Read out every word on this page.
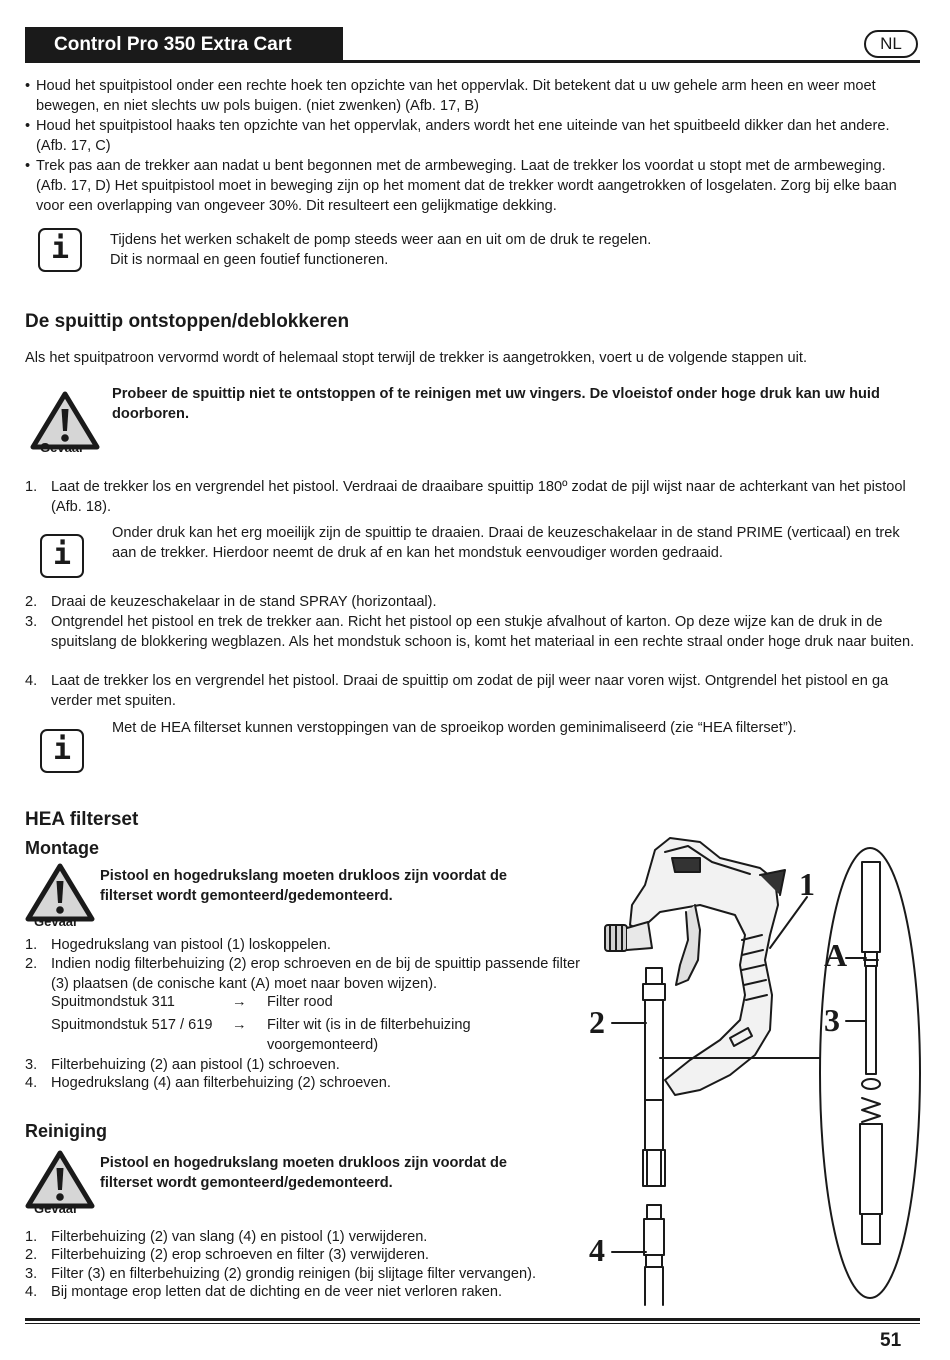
Control Pro 350 Extra Cart	NL
• Houd het spuitpistool onder een rechte hoek ten opzichte van het oppervlak. Dit betekent dat u uw gehele arm heen en weer moet bewegen, en niet slechts uw pols buigen. (niet zwenken) (Afb. 17, B)
• Houd het spuitpistool haaks ten opzichte van het oppervlak, anders wordt het ene uiteinde van het spuitbeeld dikker dan het andere. (Afb. 17, C)
• Trek pas aan de trekker aan nadat u bent begonnen met de armbeweging. Laat de trekker los voordat u stopt met de armbeweging. (Afb. 17, D) Het spuitpistool moet in beweging zijn op het moment dat de trekker wordt aangetrokken of losgelaten. Zorg bij elke baan voor een overlapping van ongeveer 30%. Dit resulteert een gelijkmatige dekking.
i	Tijdens het werken schakelt de pomp steeds weer aan en uit om de druk te regelen.
Dit is normaal en geen foutief functioneren.
De spuittip ontstoppen/deblokkeren
Als het spuitpatroon vervormd wordt of helemaal stopt terwijl de trekker is aangetrokken, voert u de volgende stappen uit.
Gevaar
Probeer de spuittip niet te ontstoppen of te reinigen met uw vingers. De vloeistof onder hoge druk kan uw huid doorboren.
1. Laat de trekker los en vergrendel het pistool. Verdraai de draaibare spuittip 180º zodat de pijl wijst naar de achterkant van het pistool (Afb. 18).
i
Onder druk kan het erg moeilijk zijn de spuittip te draaien. Draai de keuzeschakelaar in de stand PRIME (verticaal) en trek aan de trekker. Hierdoor neemt de druk af en kan het mondstuk eenvoudiger worden gedraaid.
2. Draai de keuzeschakelaar in de stand SPRAY (horizontaal).
3. Ontgrendel het pistool en trek de trekker aan. Richt het pistool op een stukje afvalhout of karton. Op deze wijze kan de druk in de spuitslang de blokkering wegblazen. Als het mondstuk schoon is, komt het materiaal in een rechte straal onder hoge druk naar buiten.
4. Laat de trekker los en vergrendel het pistool. Draai de spuittip om zodat de pijl weer naar voren wijst. Ontgrendel het pistool en ga verder met spuiten.
i
Met de HEA filterset kunnen verstoppingen van de sproeikop worden geminimaliseerd (zie “HEA filterset”).
HEA filterset
Montage
Gevaar
Pistool en hogedrukslang moeten drukloos zijn voordat de filterset wordt gemonteerd/gedemonteerd.
1. Hogedrukslang van pistool (1) loskoppelen.
2. Indien nodig filterbehuizing (2) erop schroeven en de bij de spuittip passende filter (3) plaatsen (de conische kant (A) moet naar boven wijzen).
Spuitmondstuk 311	→ Filter rood
Spuitmondstuk 517 / 619 → Filter wit (is in de filterbehuizing voorgemonteerd)
3. Filterbehuizing (2) aan pistool (1) schroeven.
4. Hogedrukslang (4) aan filterbehuizing (2) schroeven.
Reiniging
Gevaar
Pistool en hogedrukslang moeten drukloos zijn voordat de filterset wordt gemonteerd/gedemonteerd.
1. Filterbehuizing (2) van slang (4) en pistool (1) verwijderen.
2. Filterbehuizing (2) erop schroeven en filter (3) verwijderen.
3. Filter (3) en filterbehuizing (2) grondig reinigen (bij slijtage filter vervangen).
4. Bij montage erop letten dat de dichting en de veer niet verloren raken.
1
2
A
3
4
51
